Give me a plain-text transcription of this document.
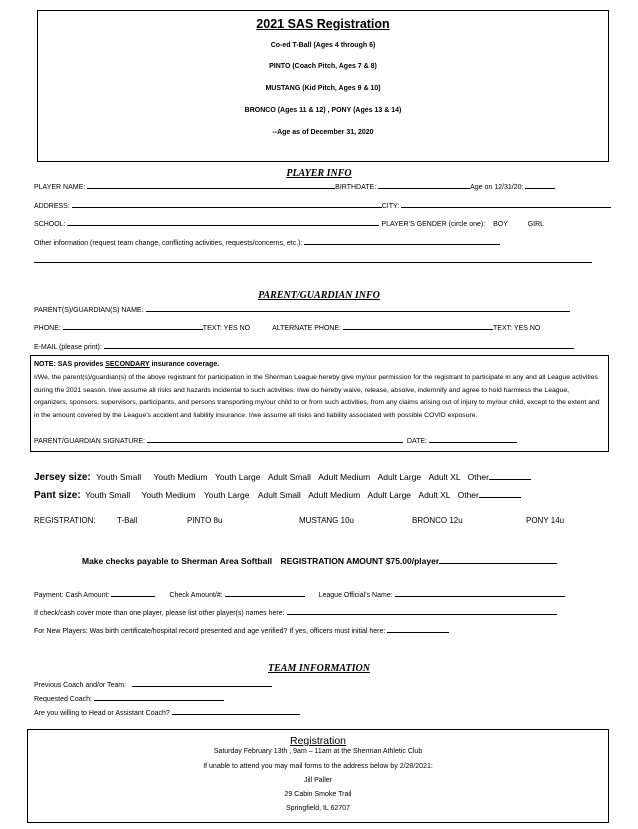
2021 SAS Registration
Co-ed T-Ball (Ages 4 through 6)
PINTO (Coach Pitch, Ages 7 & 8)
MUSTANG (Kid Pitch, Ages 9 & 10)
BRONCO (Ages 11 & 12) , PONY (Ages 13 & 14)
--Age as of December 31, 2020
PLAYER INFO
PLAYER NAME:	BIRTHDATE:	Age on 12/31/20:
ADDRESS:	CITY:
SCHOOL:	PLAYER’S GENDER (circle one): BOY	GIRL
Other information (request team change, conflicting activities, requests/concerns, etc.):
PARENT/GUARDIAN INFO
PARENT(S)/GUARDIAN(S) NAME:
PHONE:	TEXT: YES NO	ALTERNATE PHONE:	TEXT: YES NO
E-MAIL (please print):
NOTE: SAS provides SECONDARY insurance coverage.
I/We, the parent(s)/guardian(s) of the above registrant for participation in the Sherman League hereby give my/our permission for the registrant to participate in any and all League activities during the 2021 season. I/we assume all risks and hazards incidental to such activities. I/we do hereby waive, release, absolve, indemnify and agree to hold harmless the League, organizers, sponsors, supervisors, participants, and persons transporting my/our child to or from such activities, from any claims arising out of injury to my/our child, except to the extent and in the amount covered by the League’s accident and liability insurance. I/we assume all risks and liability associated with possible COVID exposure.
PARENT/GUARDIAN SIGNATURE:	DATE:
Jersey size: Youth Small Youth Medium Youth Large Adult Small Adult Medium Adult Large Adult XL Other
Pant size: Youth Small Youth Medium Youth Large Adult Small Adult Medium Adult Large Adult XL Other
REGISTRATION:	T-Ball	PINTO 8u	MUSTANG 10u	BRONCO 12u	PONY 14u
Make checks payable to Sherman Area Softball REGISTRATION AMOUNT $75.00/player
Payment: Cash Amount:	Check Amount/#:	League Official’s Name:
If check/cash cover more than one player, please list other player(s) names here:
For New Players: Was birth certificate/hospital record presented and age verified? If yes, officers must initial here:
TEAM INFORMATION
Previous Coach and/or Team:
Requested Coach:
Are you willing to Head or Assistant Coach?
Registration
Saturday February 13th , 9am – 11am at the Sherman Athletic Club
If unable to attend you may mail forms to the address below by 2/28/2021:
Jill Paller
29 Cabin Smoke Trail
Springfield, IL 62707
